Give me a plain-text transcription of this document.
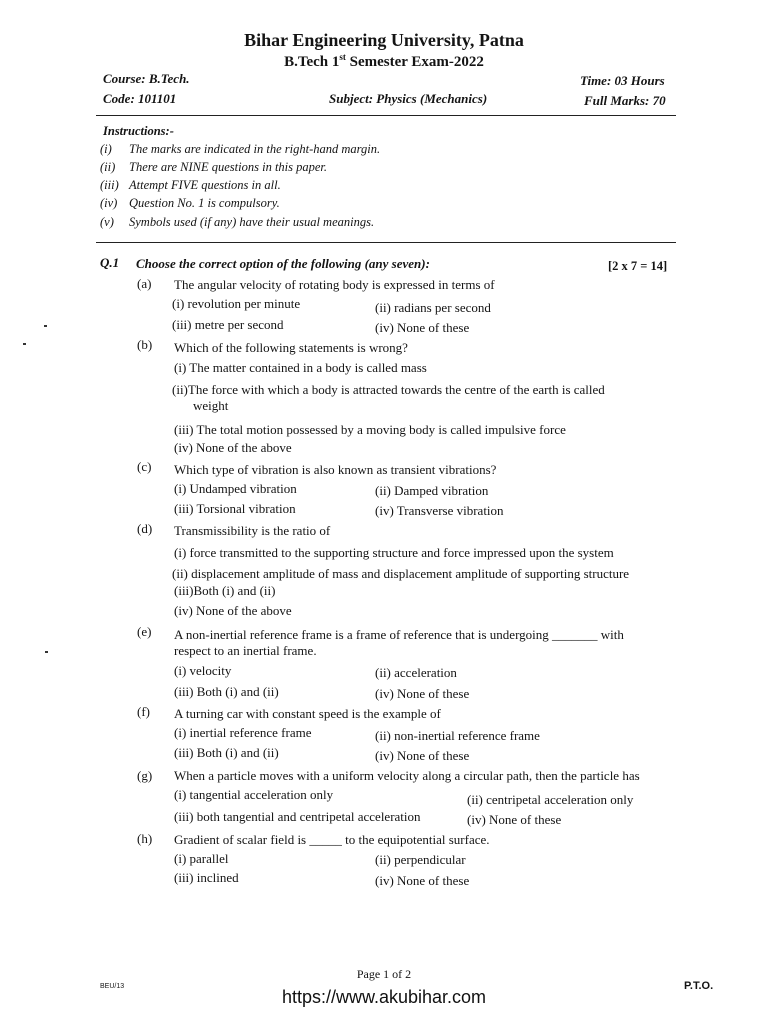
Bihar Engineering University, Patna
B.Tech 1st Semester Exam-2022
Course: B.Tech.
Code: 101101	Subject: Physics (Mechanics)
Time: 03 Hours
Full Marks: 70
Instructions:-
(i) The marks are indicated in the right-hand margin.
(ii) There are NINE questions in this paper.
(iii) Attempt FIVE questions in all.
(iv) Question No. 1 is compulsory.
(v) Symbols used (if any) have their usual meanings.
Q.1 Choose the correct option of the following (any seven):	[2 x 7 = 14]
(a) The angular velocity of rotating body is expressed in terms of
(i) revolution per minute	(ii) radians per second
(iii) metre per second	(iv) None of these
(b) Which of the following statements is wrong?
(i) The matter contained in a body is called mass
(ii)The force with which a body is attracted towards the centre of the earth is called
weight
(iii) The total motion possessed by a moving body is called impulsive force
(iv) None of the above
(c) Which type of vibration is also known as transient vibrations?
(i) Undamped vibration	(ii) Damped vibration
(iii) Torsional vibration	(iv) Transverse vibration
(d) Transmissibility is the ratio of
(i) force transmitted to the supporting structure and force impressed upon the system
(ii) displacement amplitude of mass and displacement amplitude of supporting structure
(iii)Both (i) and (ii)
(iv) None of the above
(e) A non-inertial reference frame is a frame of reference that is undergoing _______ with
respect to an inertial frame.
(i) velocity	(ii) acceleration
(iii) Both (i) and (ii)	(iv) None of these
(f) A turning car with constant speed is the example of
(i) inertial reference frame	(ii) non-inertial reference frame
(iii) Both (i) and (ii)	(iv) None of these
(g) When a particle moves with a uniform velocity along a circular path, then the particle has
(i) tangential acceleration only	(ii) centripetal acceleration only
(iii) both tangential and centripetal acceleration	(iv) None of these
(h) Gradient of scalar field is _____ to the equipotential surface.
(i) parallel	(ii) perpendicular
(iii) inclined	(iv) None of these
Page 1 of 2
BEU/13	P.T.O.
https://www.akubihar.com
